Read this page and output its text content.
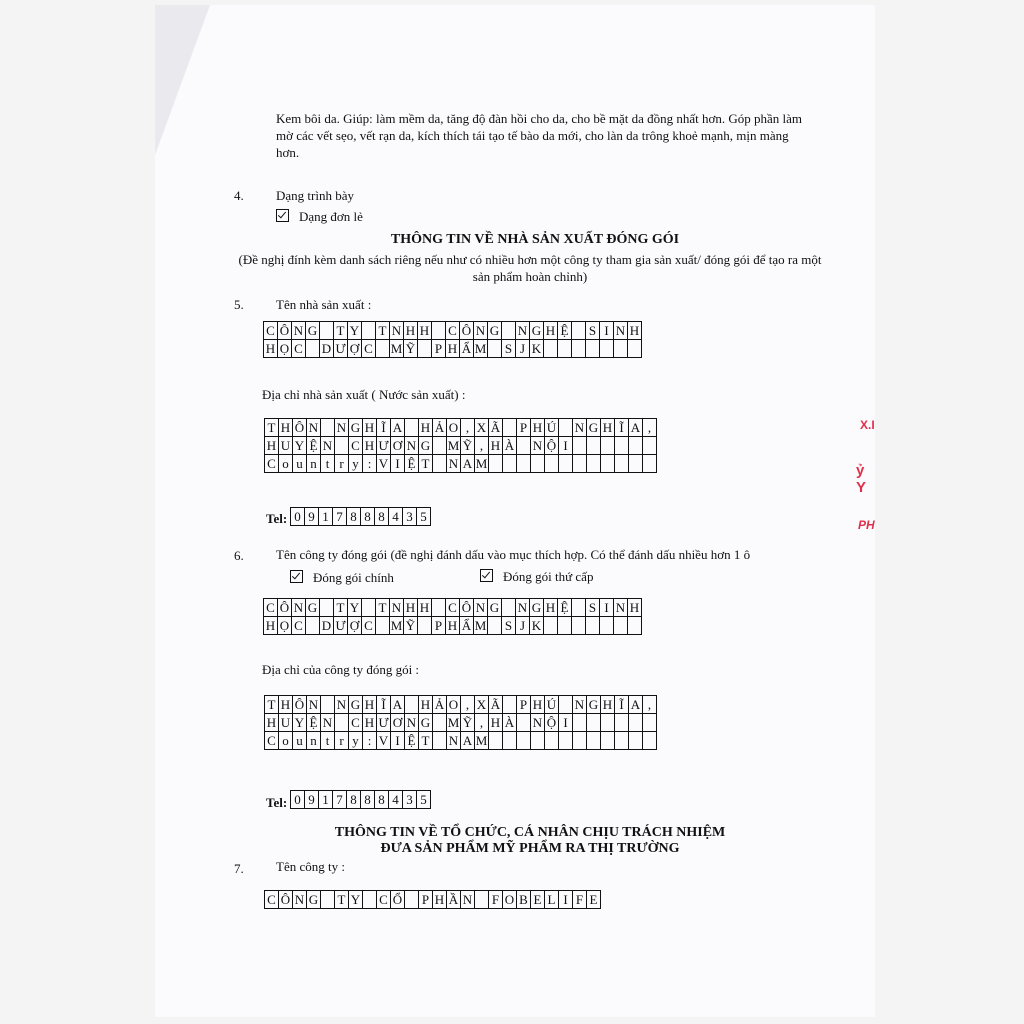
Kem bôi da. Giúp: làm mềm da, tăng độ đàn hồi cho da, cho bề mặt da đồng nhất hơn. Góp phần làm mờ các vết sẹo, vết rạn da, kích thích tái tạo tế bào da mới, cho làn da trông khoẻ mạnh, mịn màng hơn.
4. Dạng trình bày
Dạng đơn lẻ
THÔNG TIN VỀ NHÀ SẢN XUẤT ĐÓNG GÓI
(Đề nghị đính kèm danh sách riêng nếu như có nhiều hơn một công ty tham gia sản xuất/ đóng gói để tạo ra một sản phẩm hoàn chỉnh)
5. Tên nhà sản xuất :
C	Ô	N	G		T	Y		T	N	H	H		C	Ô	N	G		N	G	H	Ệ		S	I	N	H
H	Ọ	C		D	Ư	Ợ	C		M	Ỹ		P	H	Ẩ	M		S	J	K							
Địa chỉ nhà sản xuất ( Nước sản xuất) :
T	H	Ô	N		N	G	H	Ĩ	A		H	Ả	O	,	X	Ã		P	H	Ú		N	G	H	Ĩ	A	,
H	U	Y	Ệ	N		C	H	Ư	Ơ	N	G		M	Ỹ	,	H	À		N	Ộ	I						
C	o	u	n	t	r	y	:	V	I	Ệ	T		N	A	M												
Tel: 0	9	1	7	8	8	8	4	3	5
6. Tên công ty đóng gói (đề nghị đánh dấu vào mục thích hợp. Có thể đánh dấu nhiều hơn 1 ô
Đóng gói chính	Đóng gói thứ cấp
C	Ô	N	G		T	Y		T	N	H	H		C	Ô	N	G		N	G	H	Ệ		S	I	N	H
H	Ọ	C		D	Ư	Ợ	C		M	Ỹ		P	H	Ẩ	M		S	J	K							
Địa chỉ của công ty đóng gói :
T	H	Ô	N		N	G	H	Ĩ	A		H	Ả	O	,	X	Ã		P	H	Ú		N	G	H	Ĩ	A	,
H	U	Y	Ệ	N		C	H	Ư	Ơ	N	G		M	Ỹ	,	H	À		N	Ộ	I						
C	o	u	n	t	r	y	:	V	I	Ệ	T		N	A	M												
Tel: 0	9	1	7	8	8	8	4	3	5
THÔNG TIN VỀ TỔ CHỨC, CÁ NHÂN CHỊU TRÁCH NHIỆM
ĐƯA SẢN PHẨM MỸ PHẨM RA THỊ TRƯỜNG
7. Tên công ty :
C	Ô	N	G		T	Y		C	Ổ		P	H	Ầ	N		F	O	B	E	L	I	F	E
X.I
ỷ Y
PH
